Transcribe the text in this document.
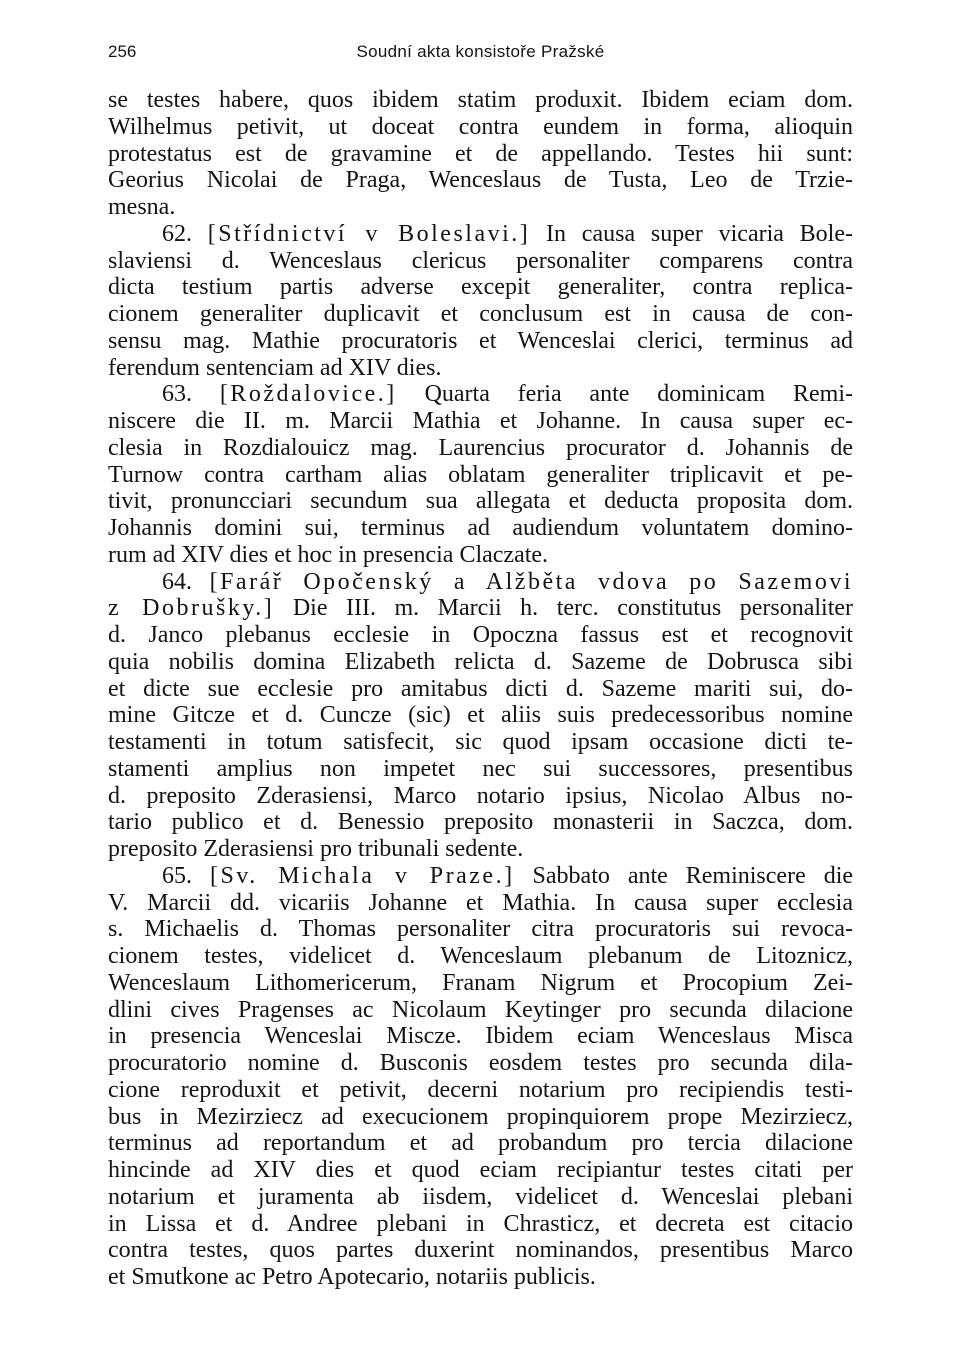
256	Soudní akta konsistoře Pražské
se testes habere, quos ibidem statim produxit. Ibidem eciam dom.
Wilhelmus petivit, ut doceat contra eundem in forma, alioquin
protestatus est de gravamine et de appellando. Testes hii sunt:
Georius Nicolai de Praga, Wenceslaus de Tusta, Leo de Trzie-
mesna.
62. [Střídnictví v Boleslavi.] In causa super vicaria Bole-
slaviensi d. Wenceslaus clericus personaliter comparens contra
dicta testium partis adverse excepit generaliter, contra replica-
cionem generaliter duplicavit et conclusum est in causa de con-
sensu mag. Mathie procuratoris et Wenceslai clerici, terminus ad
ferendum sentenciam ad XIV dies.
63. [Roždalovice.] Quarta feria ante dominicam Remi-
niscere die II. m. Marcii Mathia et Johanne. In causa super ec-
clesia in Rozdialouicz mag. Laurencius procurator d. Johannis de
Turnow contra cartham alias oblatam generaliter triplicavit et pe-
tivit, pronuncciari secundum sua allegata et deducta proposita dom.
Johannis domini sui, terminus ad audiendum voluntatem domino-
rum ad XIV dies et hoc in presencia Claczate.
64. [Farář Opočenský a Alžběta vdova po Sazemovi
z Dobrušky.] Die III. m. Marcii h. terc. constitutus personaliter
d. Janco plebanus ecclesie in Opoczna fassus est et recognovit
quia nobilis domina Elizabeth relicta d. Sazeme de Dobrusca sibi
et dicte sue ecclesie pro amitabus dicti d. Sazeme mariti sui, do-
mine Gitcze et d. Cuncze (sic) et aliis suis predecessoribus nomine
testamenti in totum satisfecit, sic quod ipsam occasione dicti te-
stamenti amplius non impetet nec sui successores, presentibus
d. preposito Zderasiensi, Marco notario ipsius, Nicolao Albus no-
tario publico et d. Benessio preposito monasterii in Saczca, dom.
preposito Zderasiensi pro tribunali sedente.
65. [Sv. Michala v Praze.] Sabbato ante Reminiscere die
V. Marcii dd. vicariis Johanne et Mathia. In causa super ecclesia
s. Michaelis d. Thomas personaliter citra procuratoris sui revoca-
cionem testes, videlicet d. Wenceslaum plebanum de Litoznicz,
Wenceslaum Lithomericerum, Franam Nigrum et Procopium Zei-
dlini cives Pragenses ac Nicolaum Keytinger pro secunda dilacione
in presencia Wenceslai Miscze. Ibidem eciam Wenceslaus Misca
procuratorio nomine d. Busconis eosdem testes pro secunda dila-
cione reproduxit et petivit, decerni notarium pro recipiendis testi-
bus in Mezirziecz ad execucionem propinquiorem prope Mezirziecz,
terminus ad reportandum et ad probandum pro tercia dilacione
hincinde ad XIV dies et quod eciam recipiantur testes citati per
notarium et juramenta ab iisdem, videlicet d. Wenceslai plebani
in Lissa et d. Andree plebani in Chrasticz, et decreta est citacio
contra testes, quos partes duxerint nominandos, presentibus Marco
et Smutkone ac Petro Apotecario, notariis publicis.
